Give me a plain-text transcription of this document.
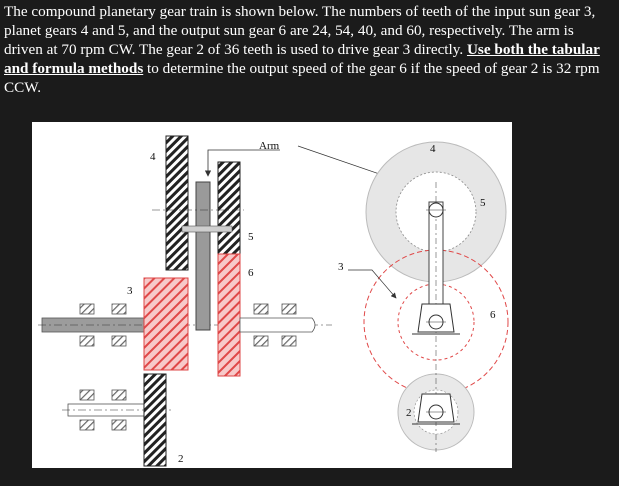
The compound planetary gear train is shown below. The numbers of teeth of the input sun gear 3, planet gears 4 and 5, and the output sun gear 6 are 24, 54, 40, and 60, respectively. The arm is driven at 70 rpm CW. The gear 2 of 36 teeth is used to drive gear 3 directly. Use both the tabular and formula methods to determine the output speed of the gear 6 if the speed of gear 2 is 32 rpm CCW.

Arm
4
5
6
3
2
4
5
3
6
2
